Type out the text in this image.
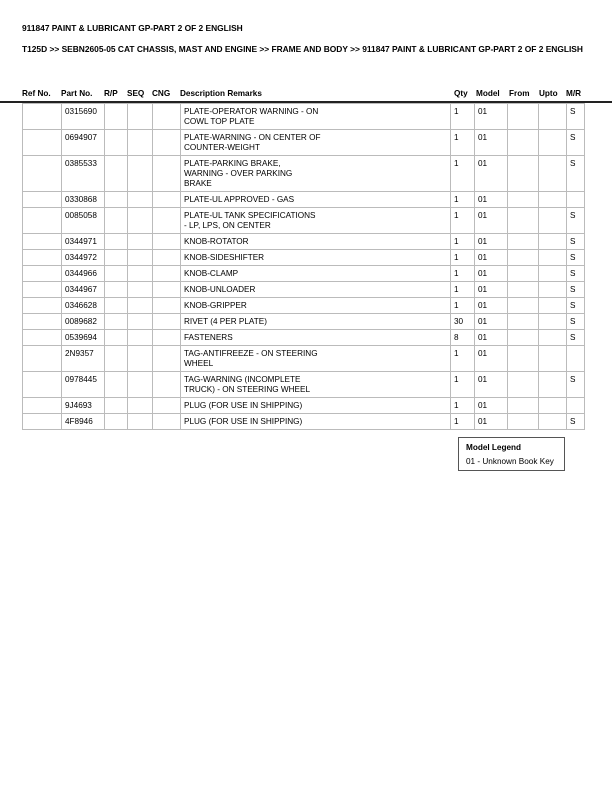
911847 PAINT & LUBRICANT GP-PART 2 OF 2 ENGLISH
T125D >> SEBN2605-05 CAT CHASSIS, MAST AND ENGINE >> FRAME AND BODY >> 911847 PAINT & LUBRICANT GP-PART 2 OF 2 ENGLISH
Ref No. Part No. R/P SEQ CNG Description Remarks	Qty Model From Upto M/R
	0315690				PLATE-OPERATOR WARNING - ON
COWL TOP PLATE	1	01			S
	0694907				PLATE-WARNING - ON CENTER OF
COUNTER-WEIGHT	1	01			S
	0385533				PLATE-PARKING BRAKE,
WARNING - OVER PARKING
BRAKE	1	01			S
	0330868				PLATE-UL APPROVED - GAS	1	01			
	0085058				PLATE-UL TANK SPECIFICATIONS
- LP, LPS, ON CENTER	1	01			S
	0344971				KNOB-ROTATOR	1	01			S
	0344972				KNOB-SIDESHIFTER	1	01			S
	0344966				KNOB-CLAMP	1	01			S
	0344967				KNOB-UNLOADER	1	01			S
	0346628				KNOB-GRIPPER	1	01			S
	0089682				RIVET (4 PER PLATE)	30	01			S
	0539694				FASTENERS	8	01			S
	2N9357				TAG-ANTIFREEZE - ON STEERING
WHEEL	1	01			
	0978445				TAG-WARNING (INCOMPLETE
TRUCK) - ON STEERING WHEEL	1	01			S
	9J4693				PLUG (FOR USE IN SHIPPING)	1	01			
	4F8946				PLUG (FOR USE IN SHIPPING)	1	01			S
Model Legend
01 - Unknown Book Key
